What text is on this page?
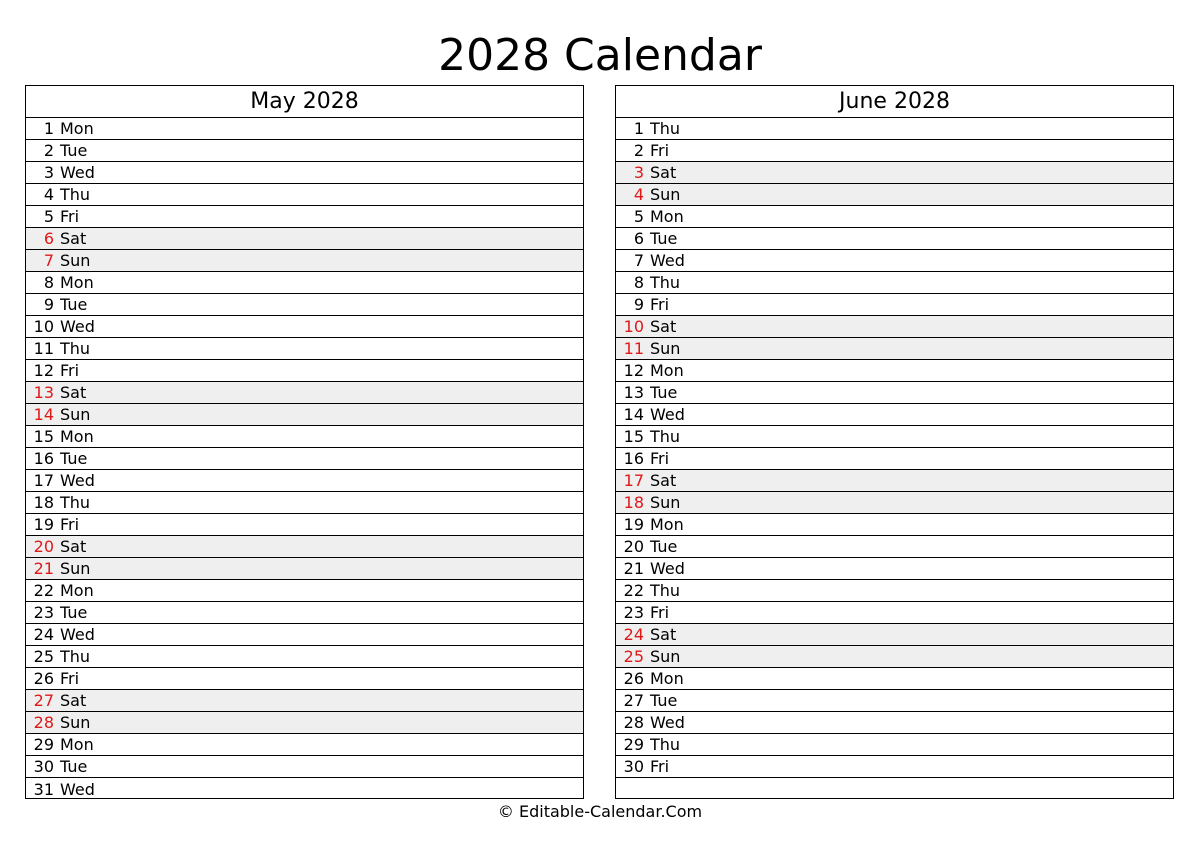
2028 Calendar
May 2028
1 Mon
2 Tue
3 Wed
4 Thu
5 Fri
6 Sat
7 Sun
8 Mon
9 Tue
10 Wed
11 Thu
12 Fri
13 Sat
14 Sun
15 Mon
16 Tue
17 Wed
18 Thu
19 Fri
20 Sat
21 Sun
22 Mon
23 Tue
24 Wed
25 Thu
26 Fri
27 Sat
28 Sun
29 Mon
30 Tue
31 Wed
June 2028
1 Thu
2 Fri
3 Sat
4 Sun
5 Mon
6 Tue
7 Wed
8 Thu
9 Fri
10 Sat
11 Sun
12 Mon
13 Tue
14 Wed
15 Thu
16 Fri
17 Sat
18 Sun
19 Mon
20 Tue
21 Wed
22 Thu
23 Fri
24 Sat
25 Sun
26 Mon
27 Tue
28 Wed
29 Thu
30 Fri
© Editable-Calendar.Com
